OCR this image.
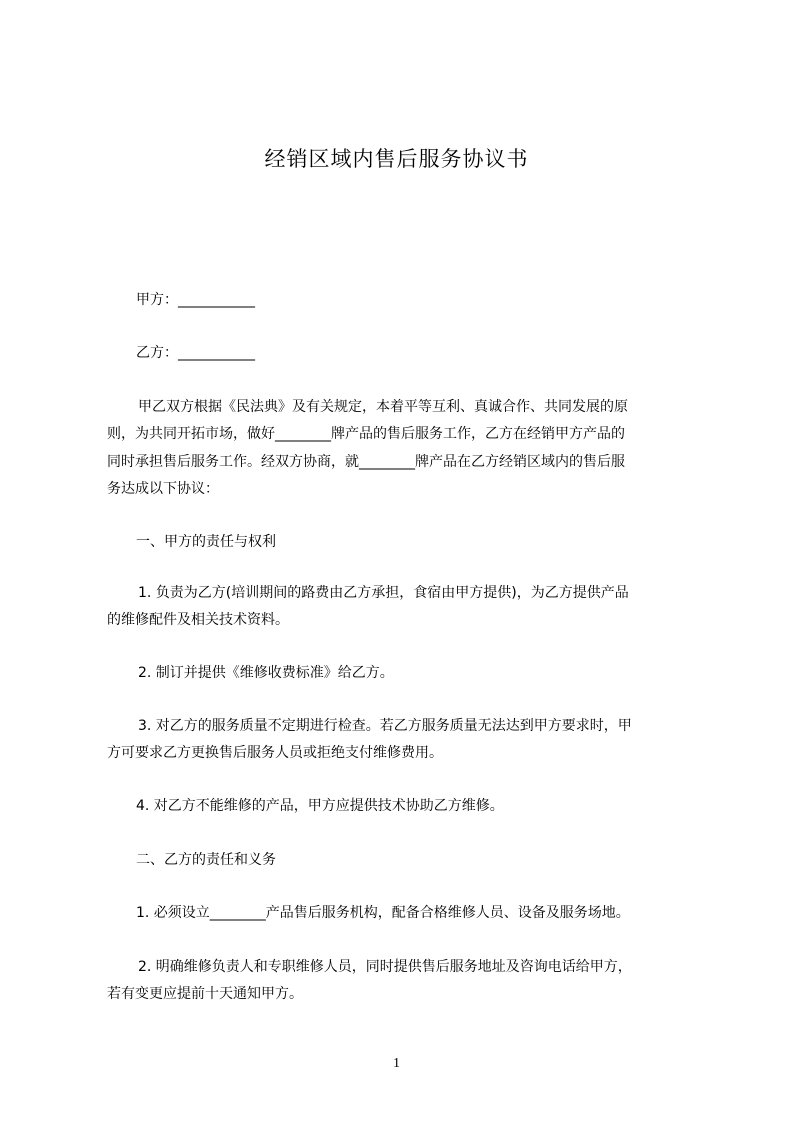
经销区域内售后服务协议书
甲方：___________
乙方：___________
甲乙双方根据《民法典》及有关规定，本着平等互利、真诚合作、共同发展的原
则，为共同开拓市场，做好________牌产品的售后服务工作，乙方在经销甲方产品的
同时承担售后服务工作。经双方协商，就________牌产品在乙方经销区域内的售后服
务达成以下协议：
一、甲方的责任与权利
1. 负责为乙方(培训期间的路费由乙方承担，食宿由甲方提供)，为乙方提供产品
的维修配件及相关技术资料。
2. 制订并提供《维修收费标准》给乙方。
3. 对乙方的服务质量不定期进行检查。若乙方服务质量无法达到甲方要求时，甲
方可要求乙方更换售后服务人员或拒绝支付维修费用。
4. 对乙方不能维修的产品，甲方应提供技术协助乙方维修。
二、乙方的责任和义务
1. 必须设立________产品售后服务机构，配备合格维修人员、设备及服务场地。
2. 明确维修负责人和专职维修人员，同时提供售后服务地址及咨询电话给甲方，
若有变更应提前十天通知甲方。
1
